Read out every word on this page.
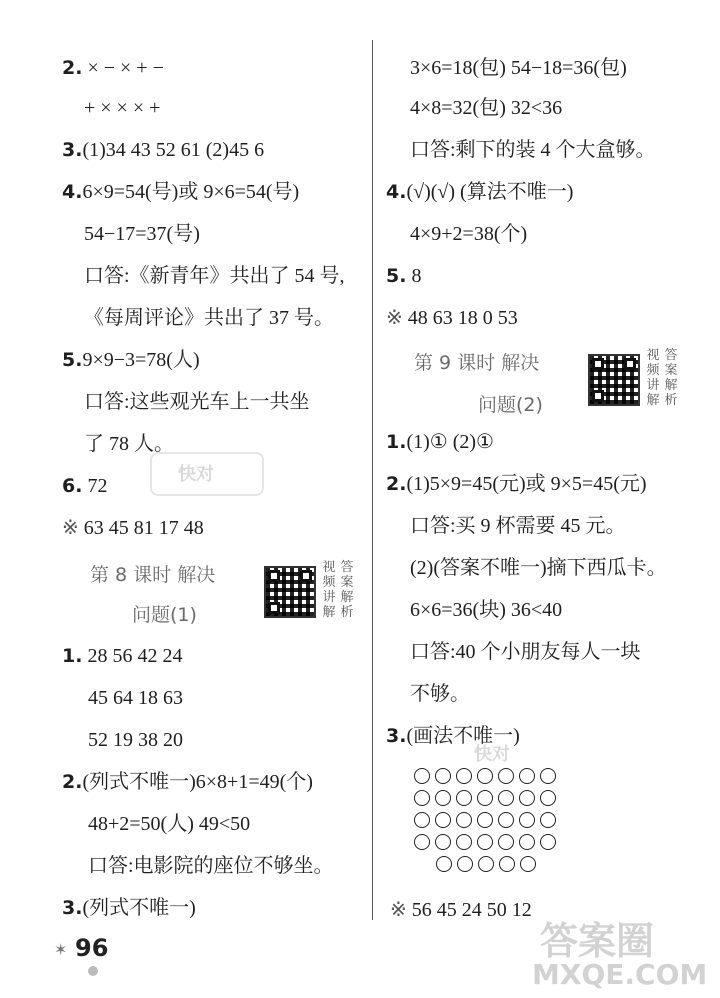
2. × − × + −
+ × × × +
3.(1)34 43 52 61 (2)45 6
4.6×9=54(号)或 9×6=54(号)
54−17=37(号)
口答:《新青年》共出了 54 号,
《每周评论》共出了 37 号。
5.9×9−3=78(人)
口答:这些观光车上一共坐
了 78 人。
6. 72
※ 63 45 81 17 48
第 8 课时 解决
问题(1)
视
频
讲
解
答
案
解
析
1. 28 56 42 24
45 64 18 63
52 19 38 20
2.(列式不唯一)6×8+1=49(个)
48+2=50(人) 49<50
口答:电影院的座位不够坐。
3.(列式不唯一)
3×6=18(包) 54−18=36(包)
4×8=32(包) 32<36
口答:剩下的装 4 个大盒够。
4.(√)(√) (算法不唯一)
4×9+2=38(个)
5. 8
※ 48 63 18 0 53
第 9 课时 解决
问题(2)
视
频
讲
解
答
案
解
析
1.(1)① (2)①
2.(1)5×9=45(元)或 9×5=45(元)
口答:买 9 杯需要 45 元。
(2)(答案不唯一)摘下西瓜卡。
6×6=36(块) 36<40
口答:40 个小朋友每人一块
不够。
3.(画法不唯一)
※ 56 45 24 50 12
快对
快对
答案圈
MXQE.COM
✶ 96
